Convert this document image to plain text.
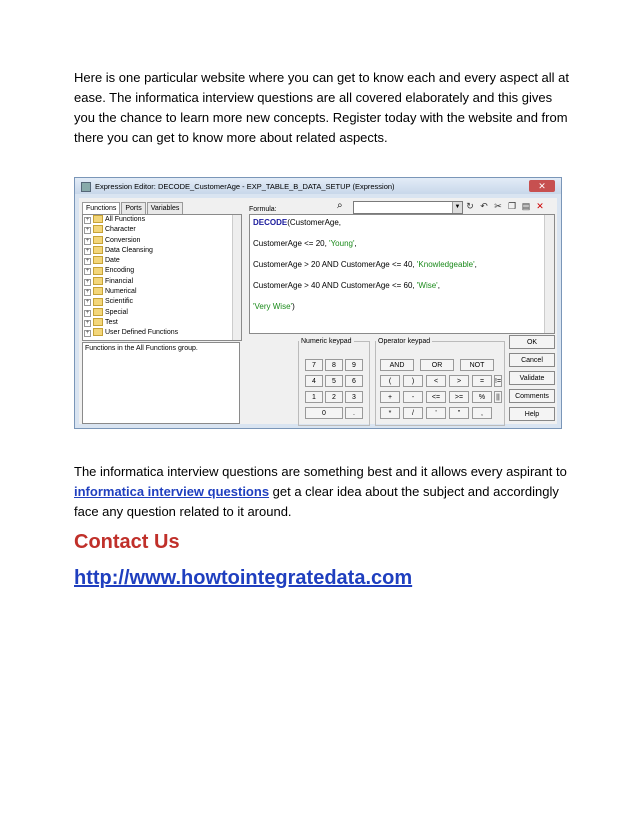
Here is one particular website where you can get to know each and every aspect all at ease. The informatica interview questions are all covered elaborately and this gives you the chance to learn more new concepts. Register today with the website and from there you can get to know more about related aspects.
Expression Editor: DECODE_CustomerAge - EXP_TABLE_B_DATA_SETUP (Expression)	✕
Functions Ports Variables
+ All Functions
+ Character
+ Conversion
+ Data Cleansing
+ Date
+ Encoding
+ Financial
+ Numerical
+ Scientific
+ Special
+ Test
+ User Defined Functions
Functions in the All Functions group.
Formula:	⌕	▼ ↻ ↶ ✂ ❐ ▤ ✕
DECODE(CustomerAge,
CustomerAge <= 20, 'Young',
CustomerAge > 20 AND CustomerAge <= 40, 'Knowledgeable',
CustomerAge > 40 AND CustomerAge <= 60, 'Wise',
'Very Wise')
Numeric keypad
7	8	9
4	5	6
1	2	3
0	.
Operator keypad
AND	OR	NOT
(	)	<	>	=	!=
+	-	<=	>=	%	||
*	/	'	"	,
OK
Cancel
Validate
Comments
Help
The informatica interview questions are something best and it allows every aspirant to informatica interview questions get a clear idea about the subject and accordingly face any question related to it around.
Contact Us
http://www.howtointegratedata.com
